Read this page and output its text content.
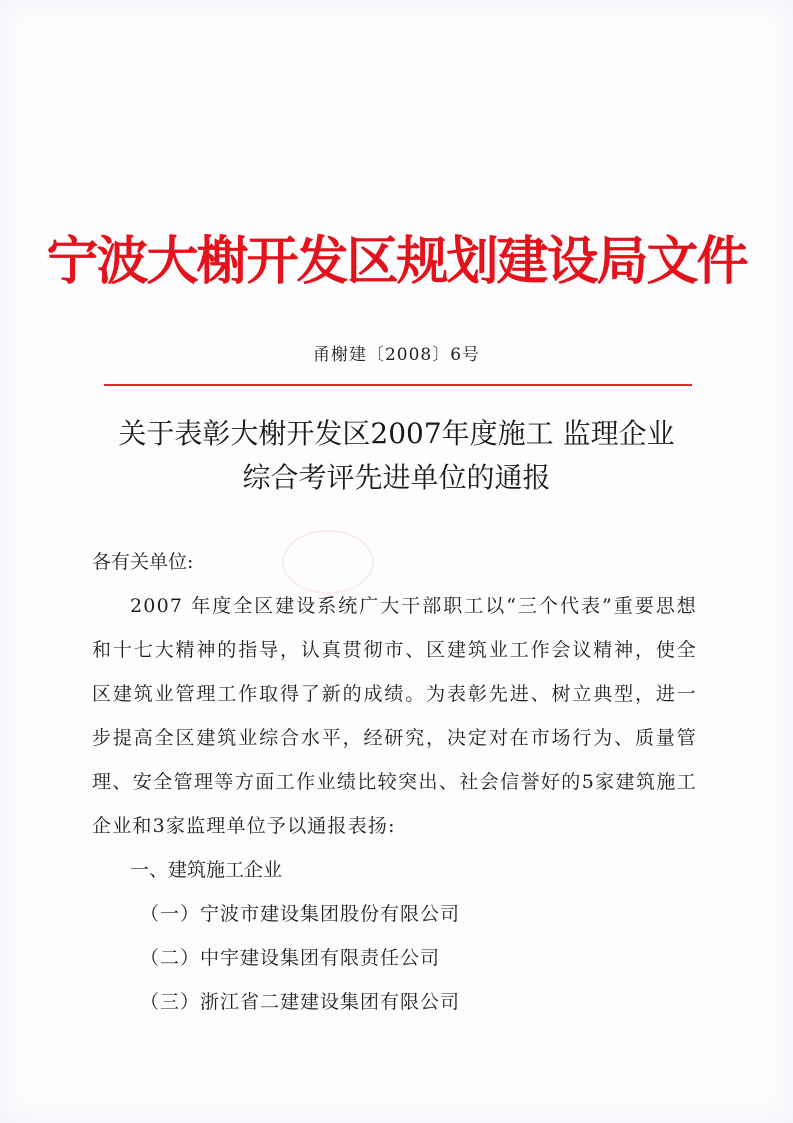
宁波大榭开发区规划建设局文件
甬榭建〔2008〕6号
关于表彰大榭开发区2007年度施工 监理企业
综合考评先进单位的通报
各有关单位:
2007 年度全区建设系统广大干部职工以“三个代表”重要思想和十七大精神的指导，认真贯彻市、区建筑业工作会议精神，使全区建筑业管理工作取得了新的成绩。为表彰先进、树立典型，进一步提高全区建筑业综合水平，经研究，决定对在市场行为、质量管理、安全管理等方面工作业绩比较突出、社会信誉好的5家建筑施工企业和3家监理单位予以通报表扬:
一、建筑施工企业
（一）宁波市建设集团股份有限公司
（二）中宇建设集团有限责任公司
（三）浙江省二建建设集团有限公司
